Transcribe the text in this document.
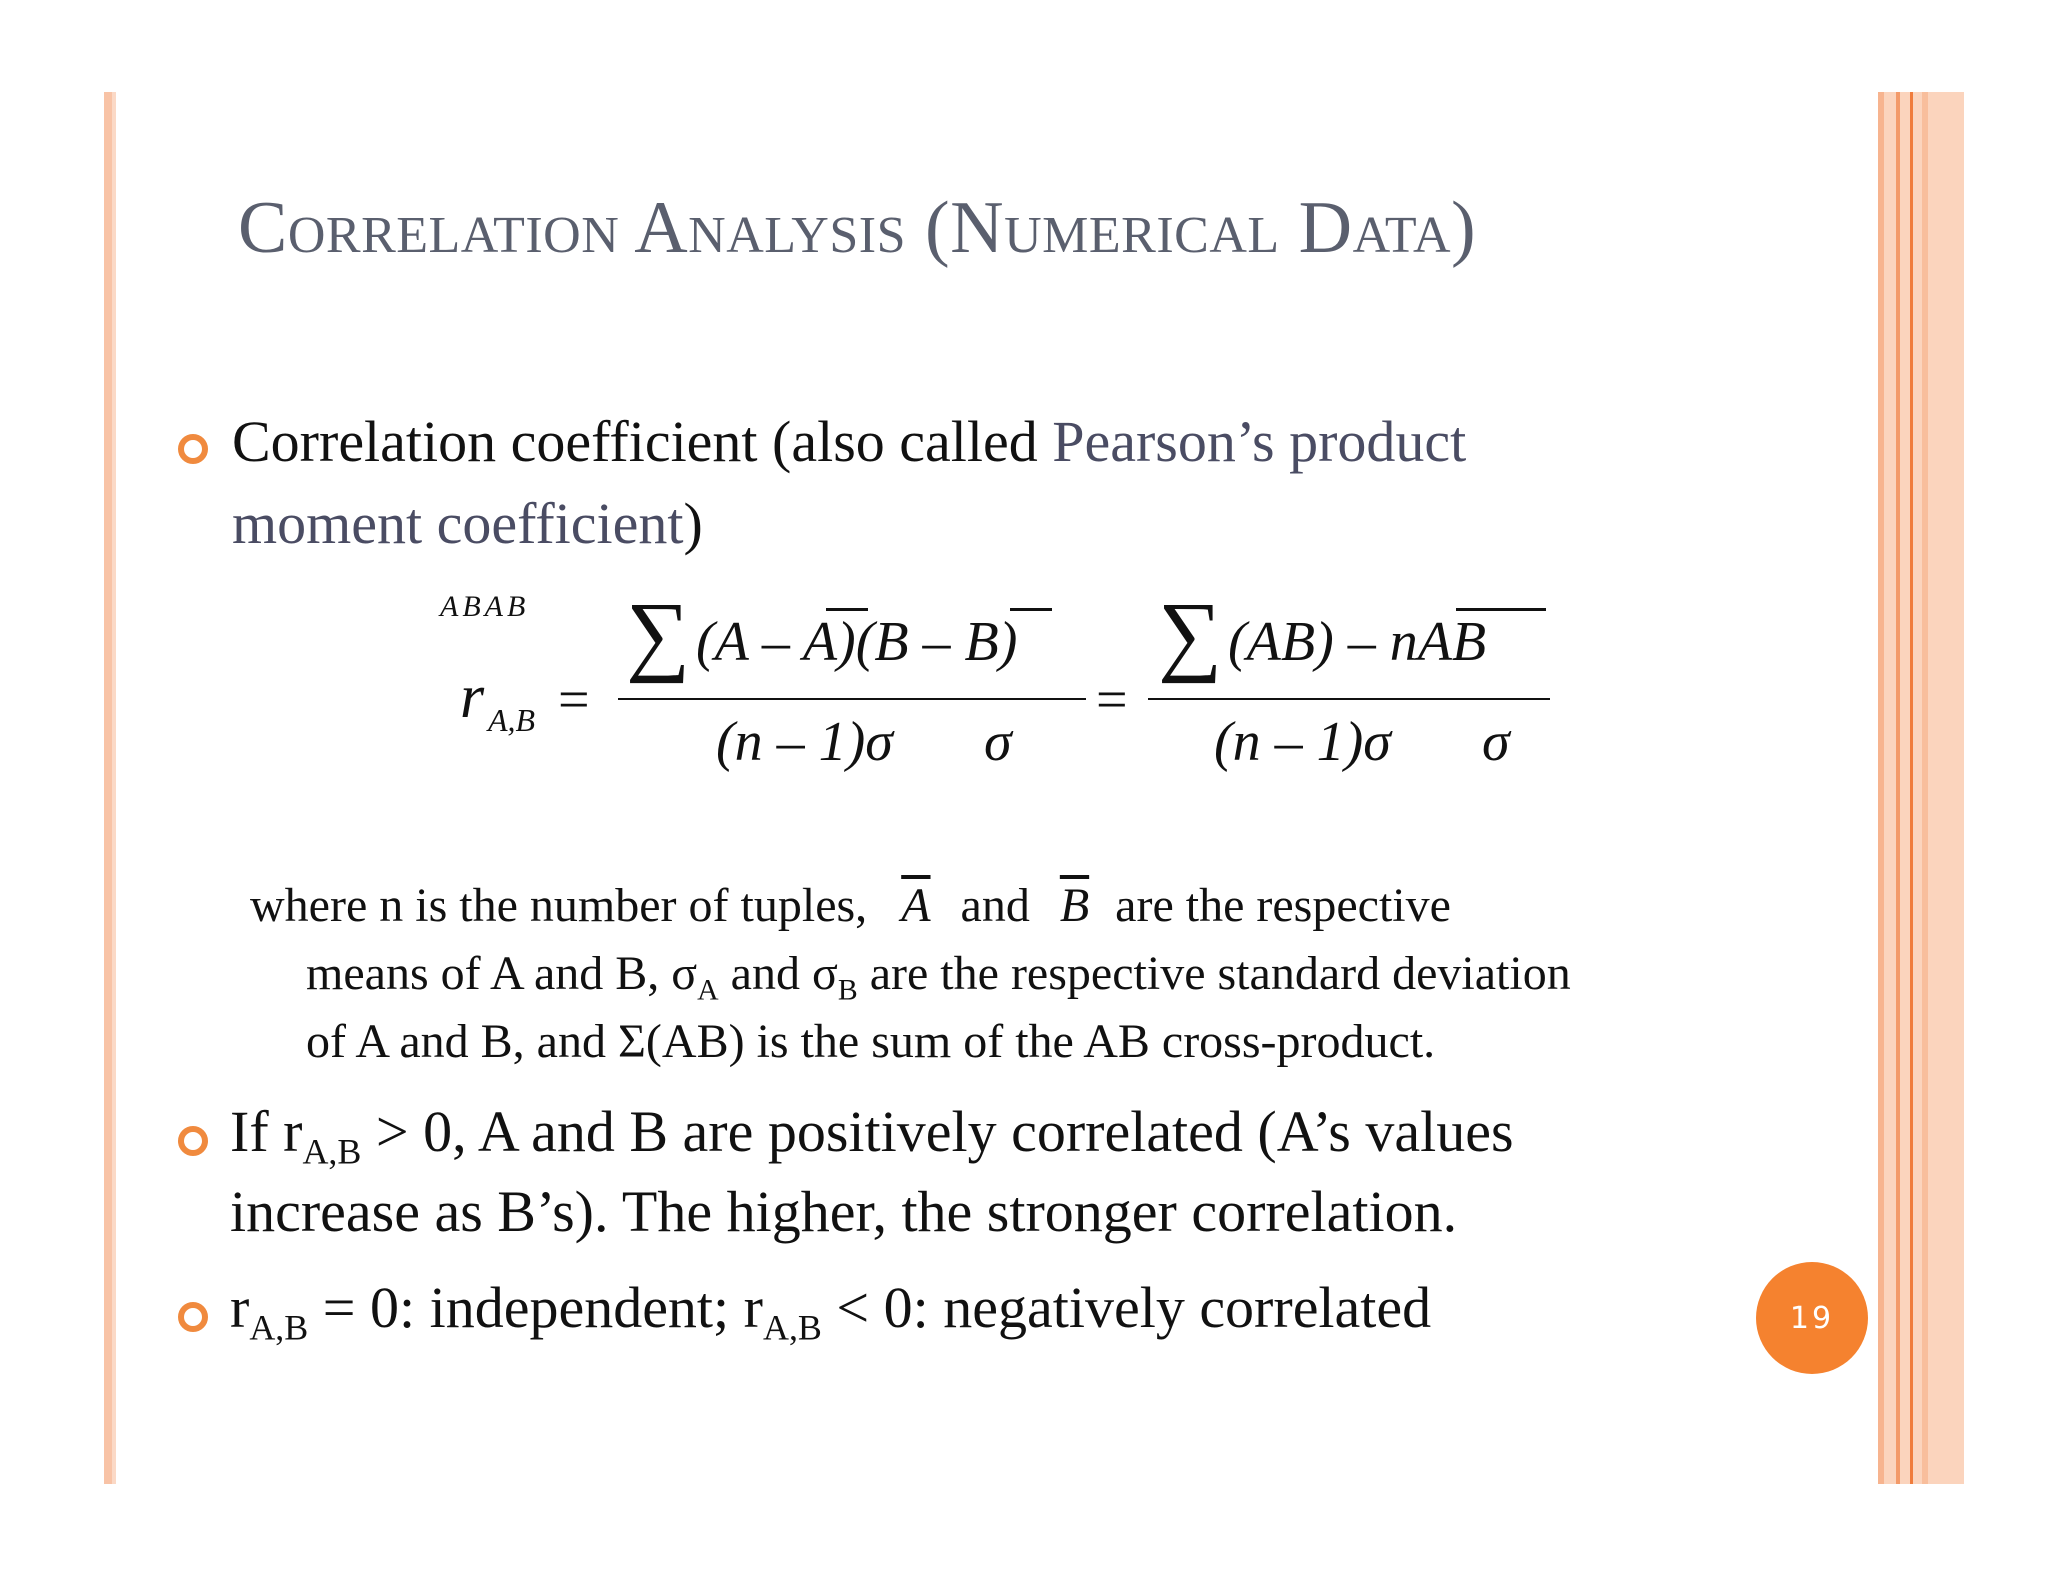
Correlation Analysis (Numerical Data)
Correlation coefficient (also called Pearson’s product
moment coefficient)
r A,B =
∑ (A – A)(B – B)
(n – 1)σ
A
σ
B
=
∑ (AB) – nAB
(n – 1)σ
A
σ
B
where n is the number of tuples, $\overline{A}$ and $\overline{B}$ are the respective
means of A and B, $\sigma_A$ and $\sigma_B$ are the respective standard deviation
of A and B, and Σ(AB) is the sum of the AB cross-product.
If $r_{A,B} > 0$, A and B are positively correlated (A’s values
increase as B’s). The higher, the stronger correlation.
$r_{A,B} = 0$: independent; $r_{A,B} < 0$: negatively correlated	19
